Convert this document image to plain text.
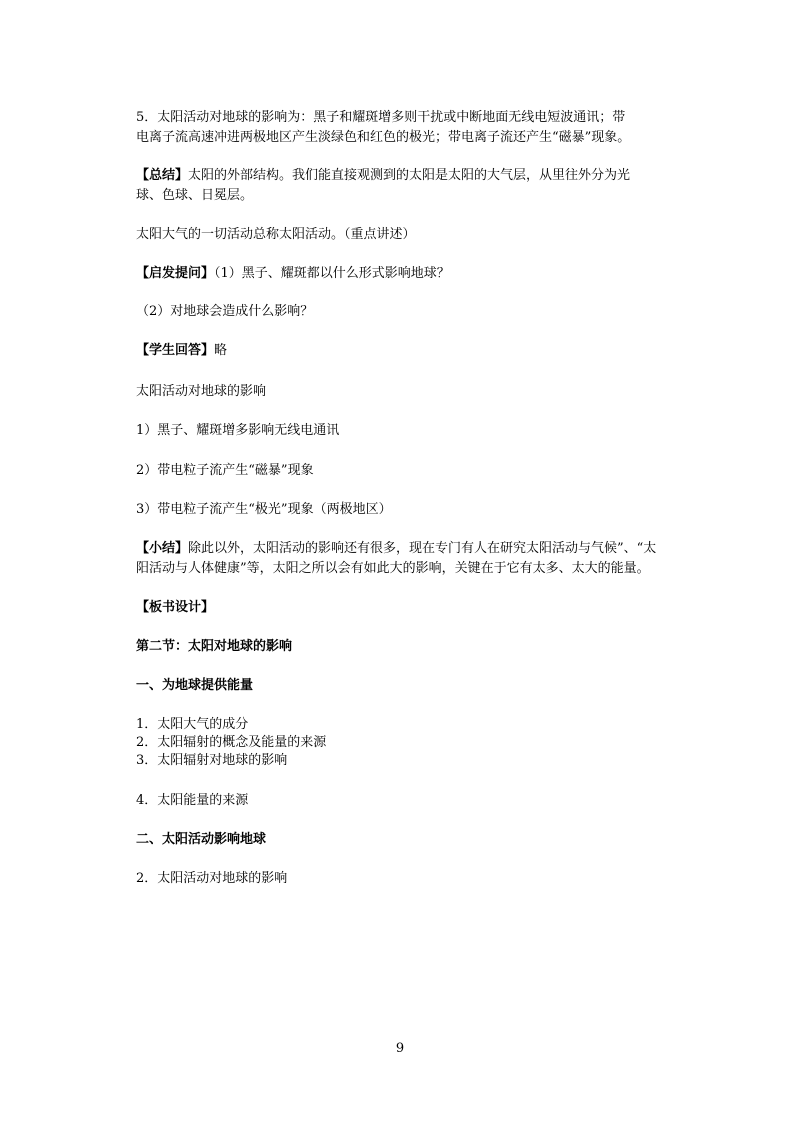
5．太阳活动对地球的影响为：黑子和耀斑增多则干扰或中断地面无线电短波通讯；带

电离子流高速冲进两极地区产生淡绿色和红色的极光；带电离子流还产生“磁暴”现象。

【总结】太阳的外部结构。我们能直接观测到的太阳是太阳的大气层，从里往外分为光

球、色球、日冕层。

太阳大气的一切活动总称太阳活动。（重点讲述）

【启发提问】（1）黑子、耀斑都以什么形式影响地球？

（2）对地球会造成什么影响？

【学生回答】略

太阳活动对地球的影响

1）黑子、耀斑增多影响无线电通讯

2）带电粒子流产生“磁暴”现象

3）带电粒子流产生“极光”现象（两极地区）

【小结】除此以外，太阳活动的影响还有很多，现在专门有人在研究太阳活动与气候”、“太

阳活动与人体健康”等，太阳之所以会有如此大的影响，关键在于它有太多、太大的能量。

【板书设计】

第二节：太阳对地球的影响

一、为地球提供能量

1．太阳大气的成分

2．太阳辐射的概念及能量的来源

3．太阳辐射对地球的影响

4．太阳能量的来源

二、太阳活动影响地球

2．太阳活动对地球的影响

9
